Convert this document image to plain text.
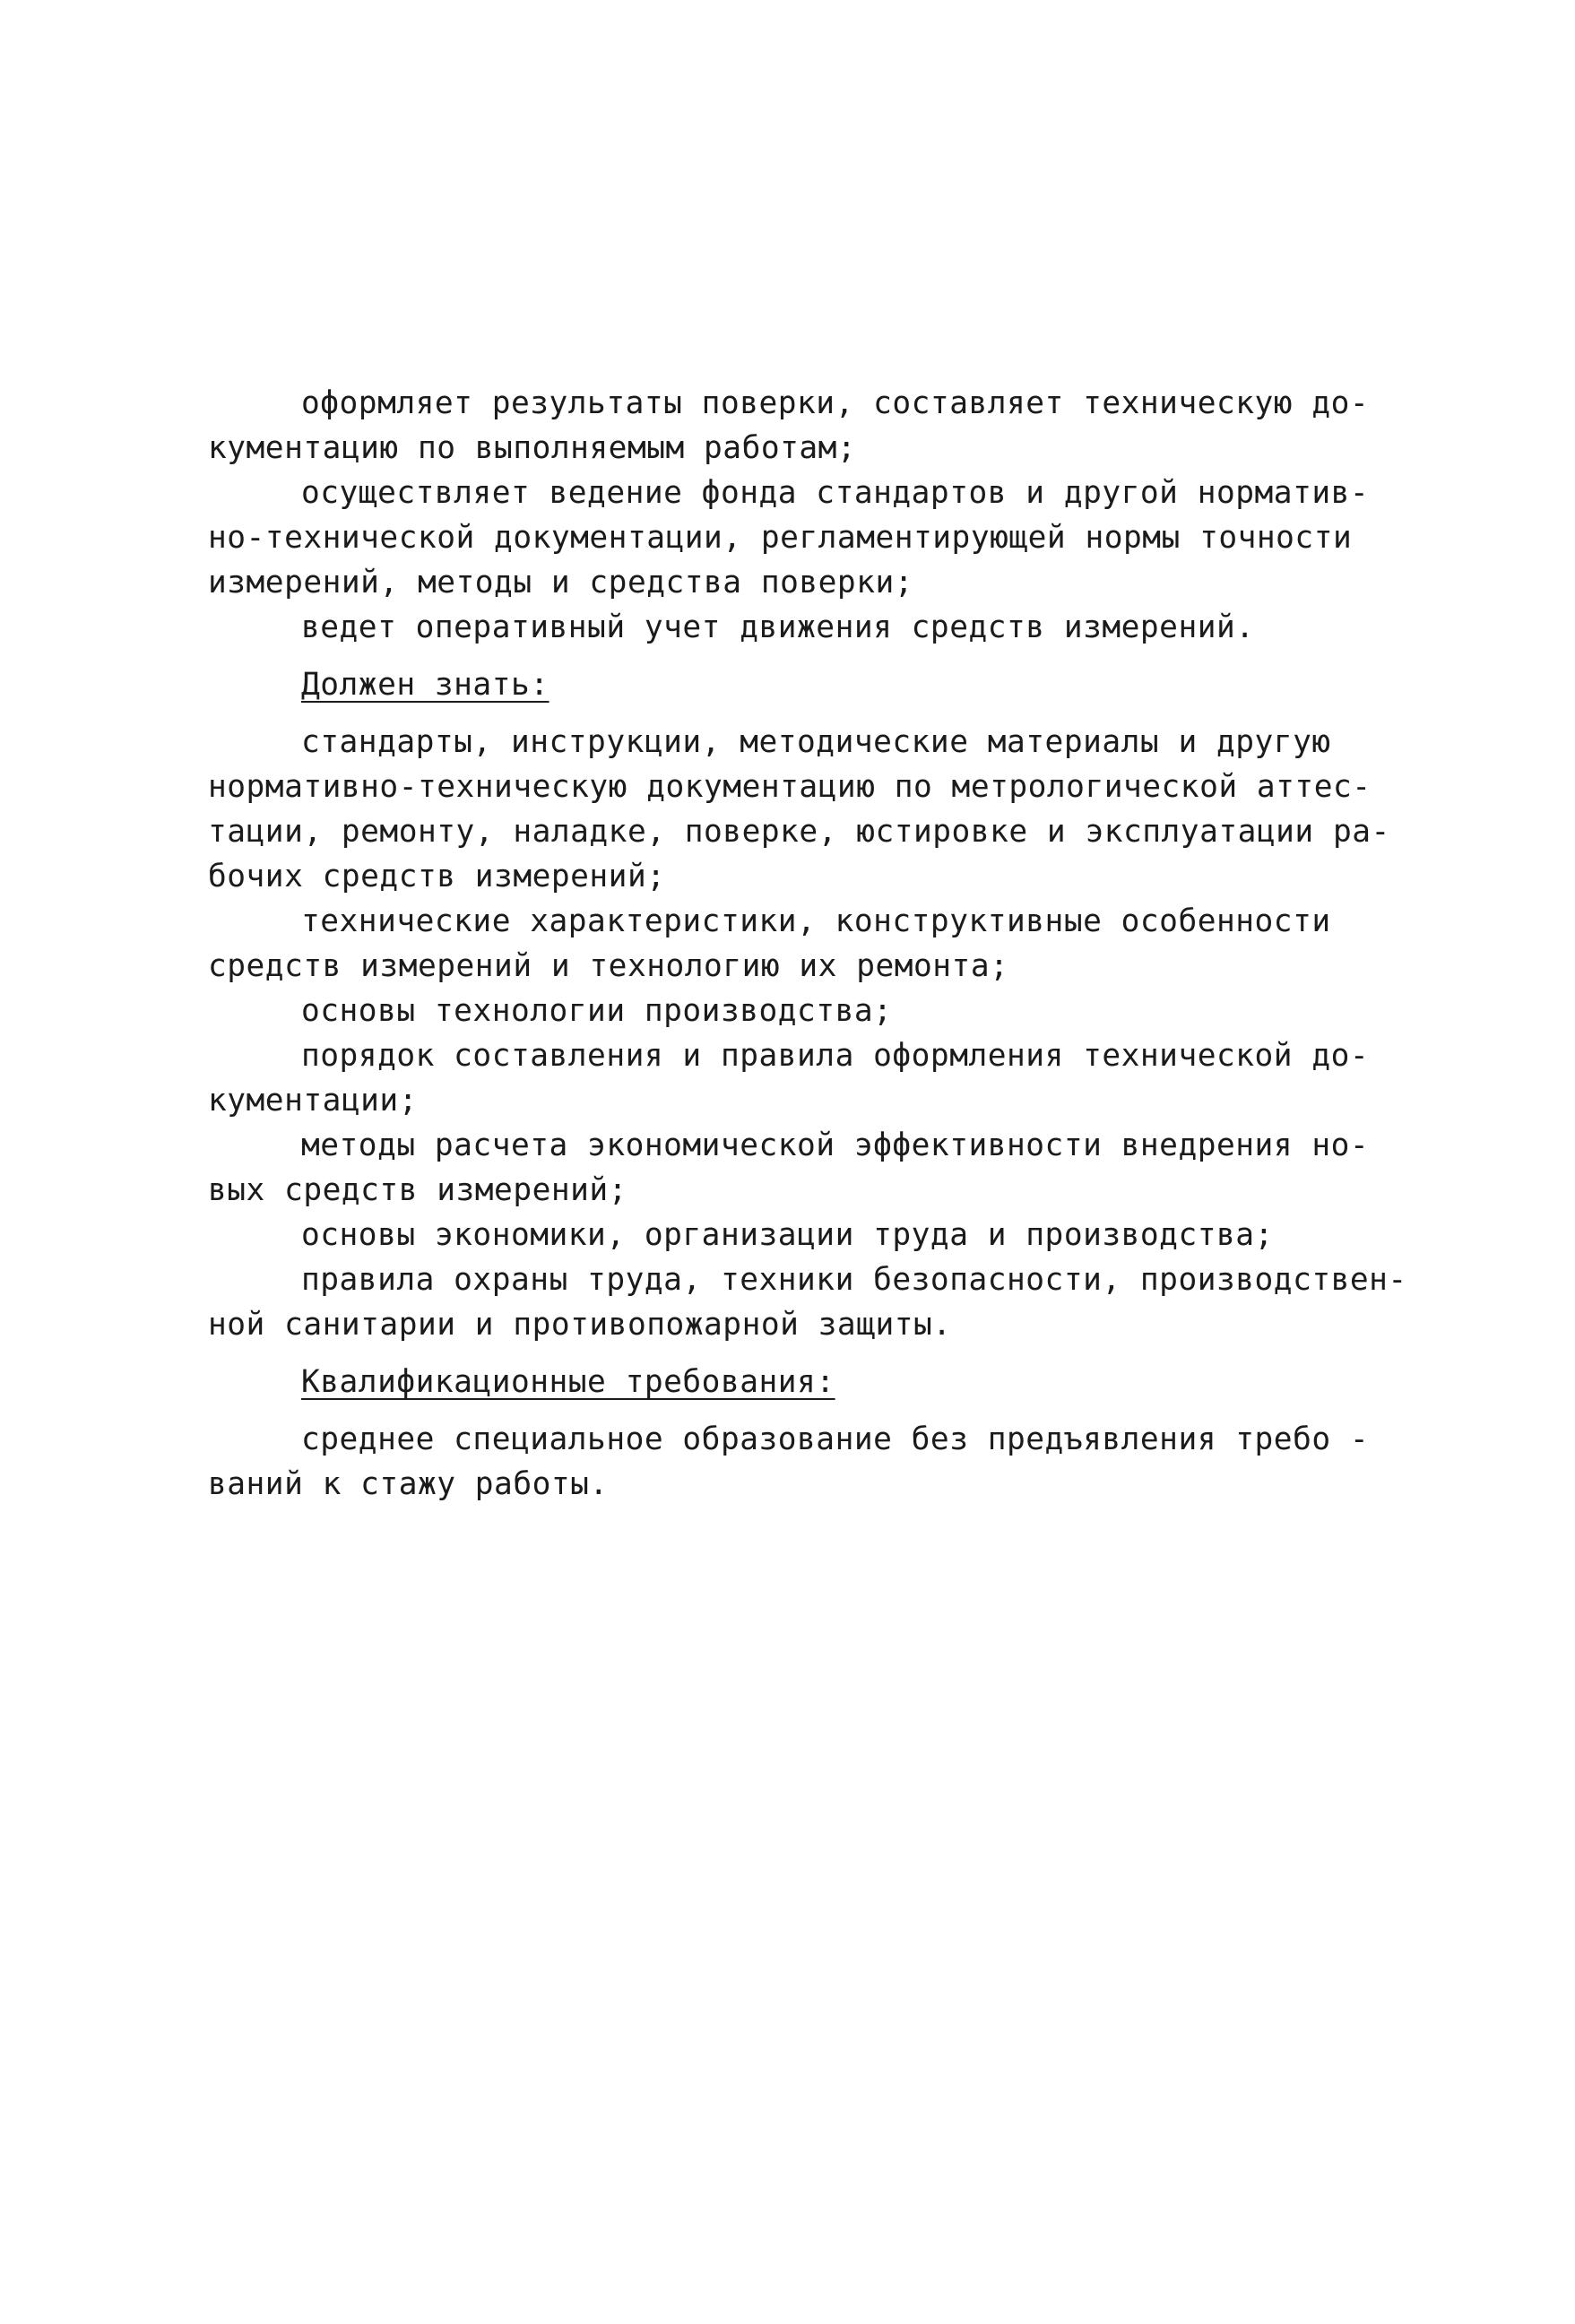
оформляет результаты поверки, составляет техническую до-
кументацию по выполняемым работам;
осуществляет ведение фонда стандартов и другой норматив-
но-технической документации, регламентирующей нормы точности
измерений, методы и средства поверки;
ведет оперативный учет движения средств измерений.
Должен знать:
стандарты, инструкции, методические материалы и другую
нормативно-техническую документацию по метрологической аттес-
тации, ремонту, наладке, поверке, юстировке и эксплуатации ра-
бочих средств измерений;
технические характеристики, конструктивные особенности
средств измерений и технологию их ремонта;
основы технологии производства;
порядок составления и правила оформления технической до-
кументации;
методы расчета экономической эффективности внедрения но-
вых средств измерений;
основы экономики, организации труда и производства;
правила охраны труда, техники безопасности, производствен-
ной санитарии и противопожарной защиты.
Квалификационные требования:
среднее специальное образование без предъявления требо -
ваний к стажу работы.
